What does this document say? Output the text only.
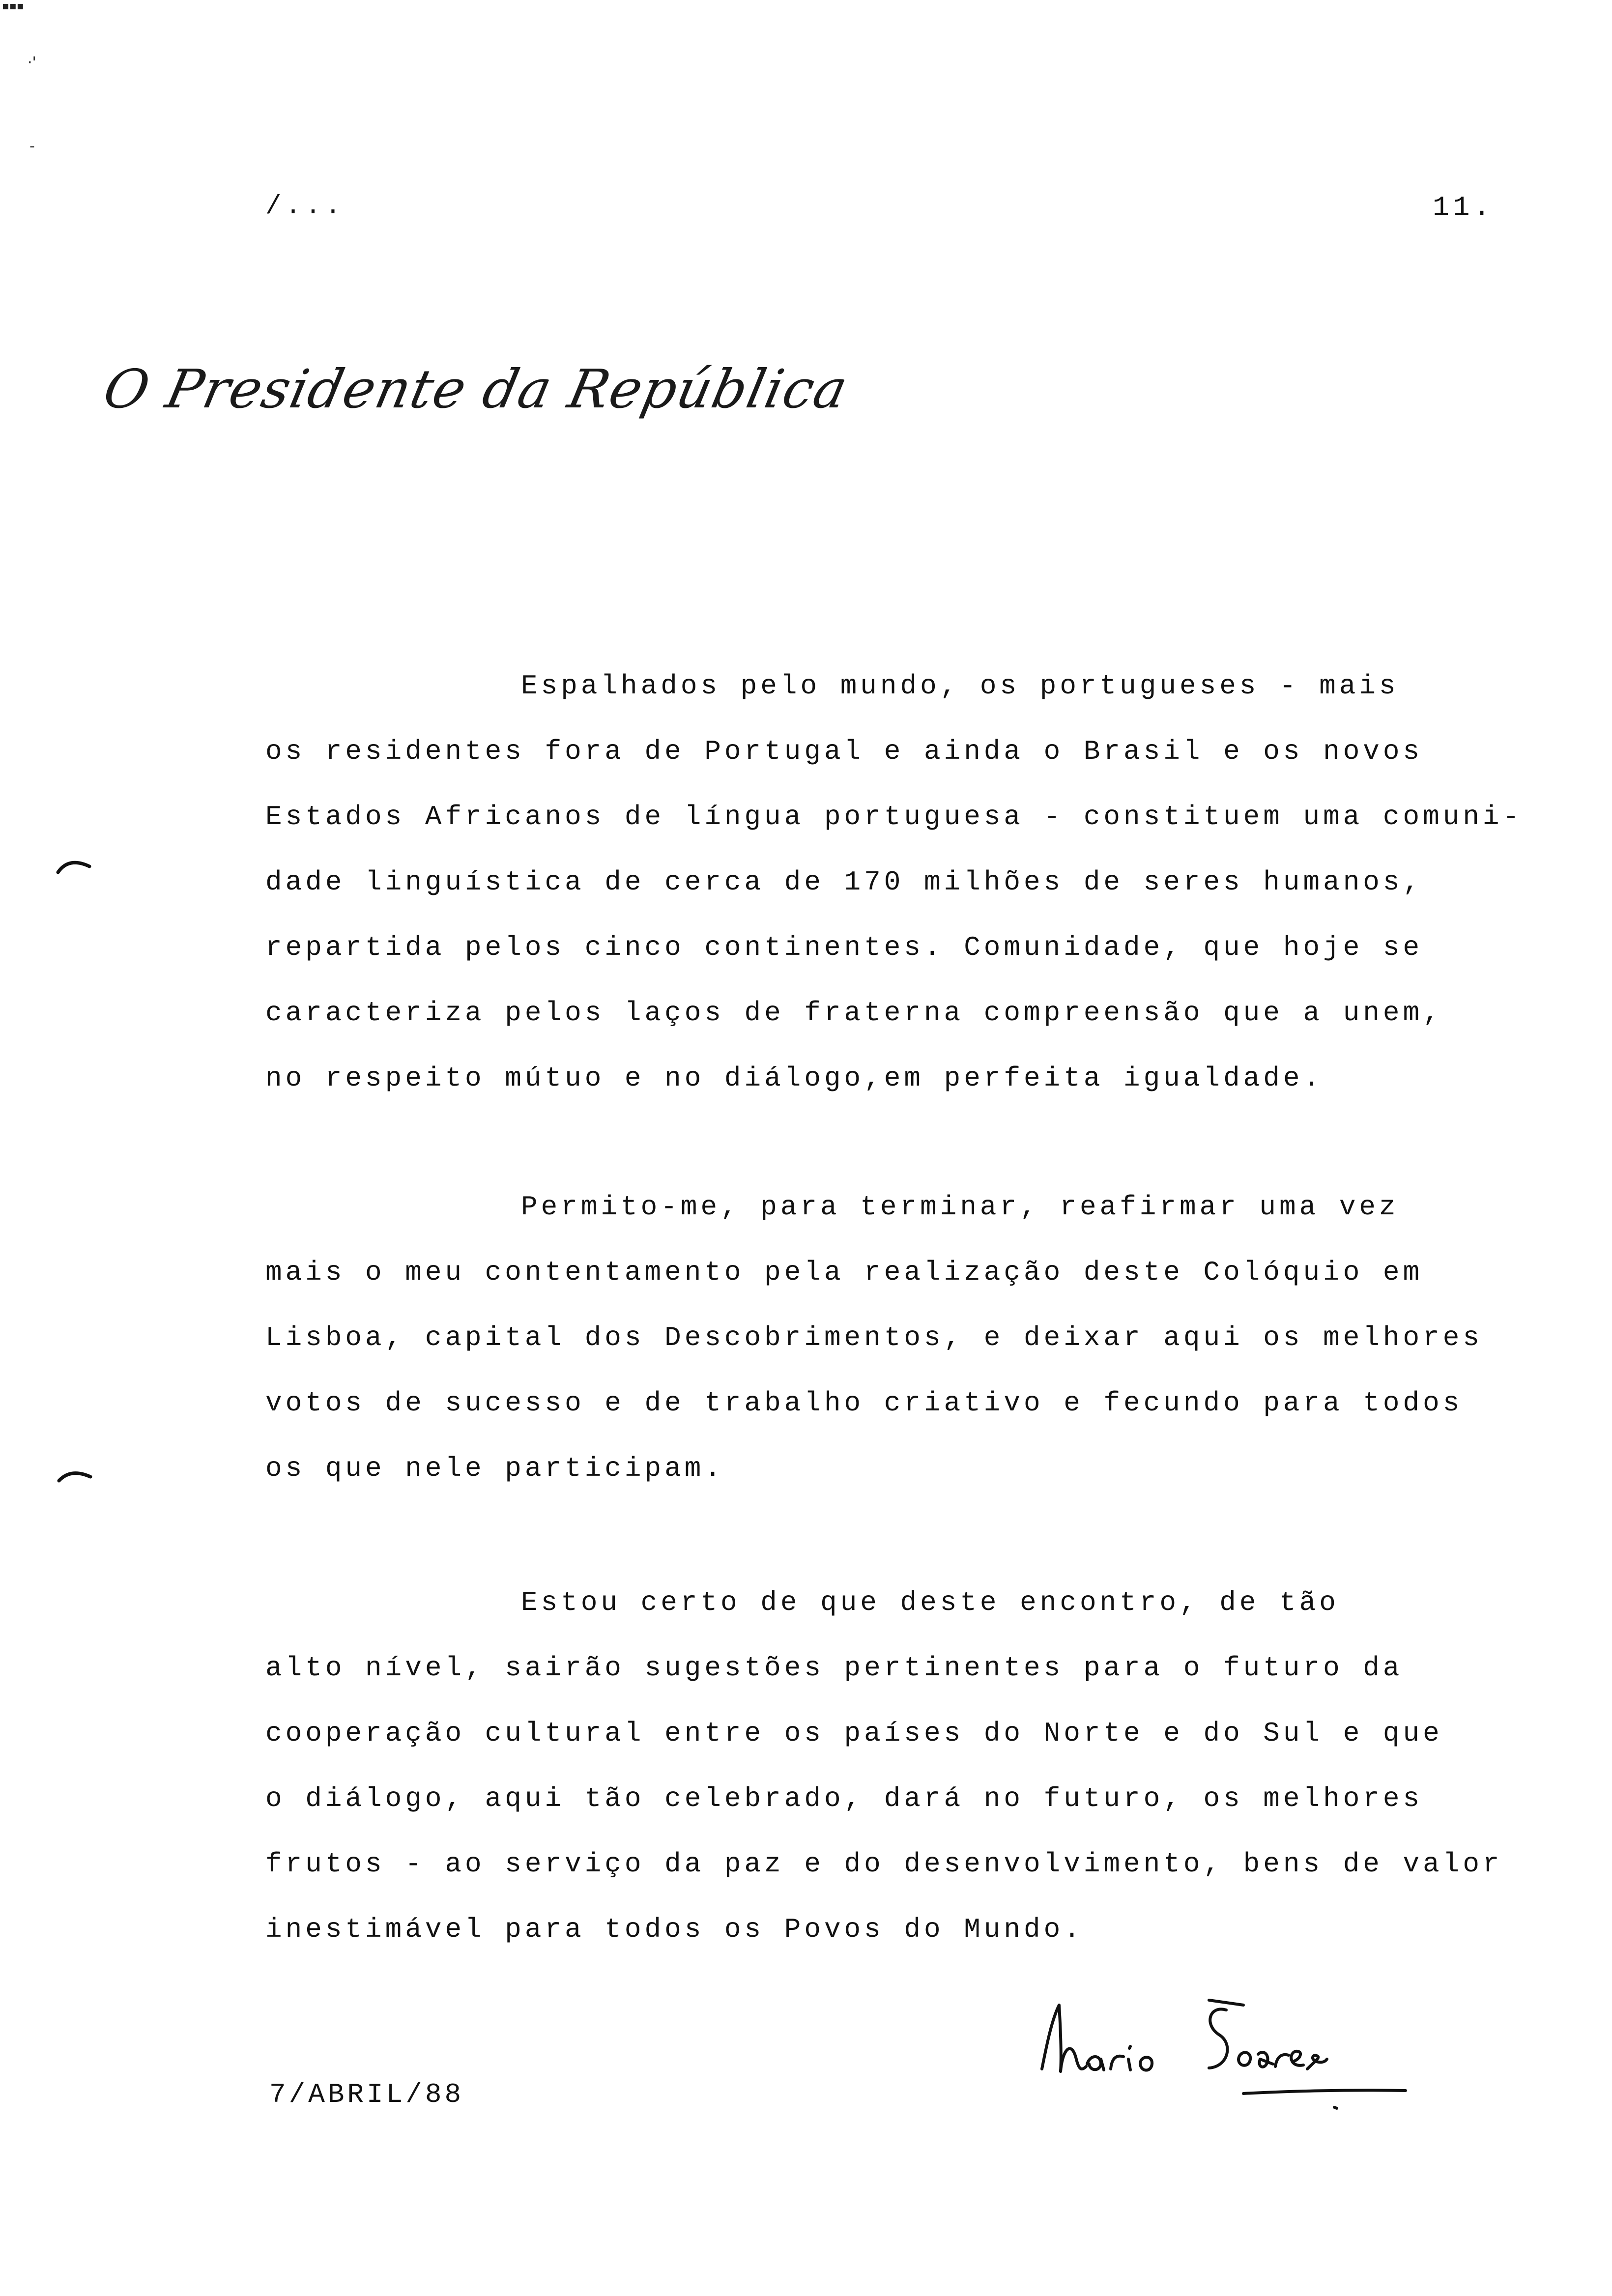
▪▪▪
·'
-
/...	11.
O Presidente da República
Espalhados pelo mundo, os portugueses - mais
os residentes fora de Portugal e ainda o Brasil e os novos
Estados Africanos de língua portuguesa - constituem uma comuni-
dade linguística de cerca de 170 milhões de seres humanos,
repartida pelos cinco continentes. Comunidade, que hoje se
caracteriza pelos laços de fraterna compreensão que a unem,
no respeito mútuo e no diálogo,em perfeita igualdade.
Permito-me, para terminar, reafirmar uma vez
mais o meu contentamento pela realização deste Colóquio em
Lisboa, capital dos Descobrimentos, e deixar aqui os melhores
votos de sucesso e de trabalho criativo e fecundo para todos
os que nele participam.
Estou certo de que deste encontro, de tão
alto nível, sairão sugestões pertinentes para o futuro da
cooperação cultural entre os países do Norte e do Sul e que
o diálogo, aqui tão celebrado, dará no futuro, os melhores
frutos - ao serviço da paz e do desenvolvimento, bens de valor
inestimável para todos os Povos do Mundo.
7/ABRIL/88
